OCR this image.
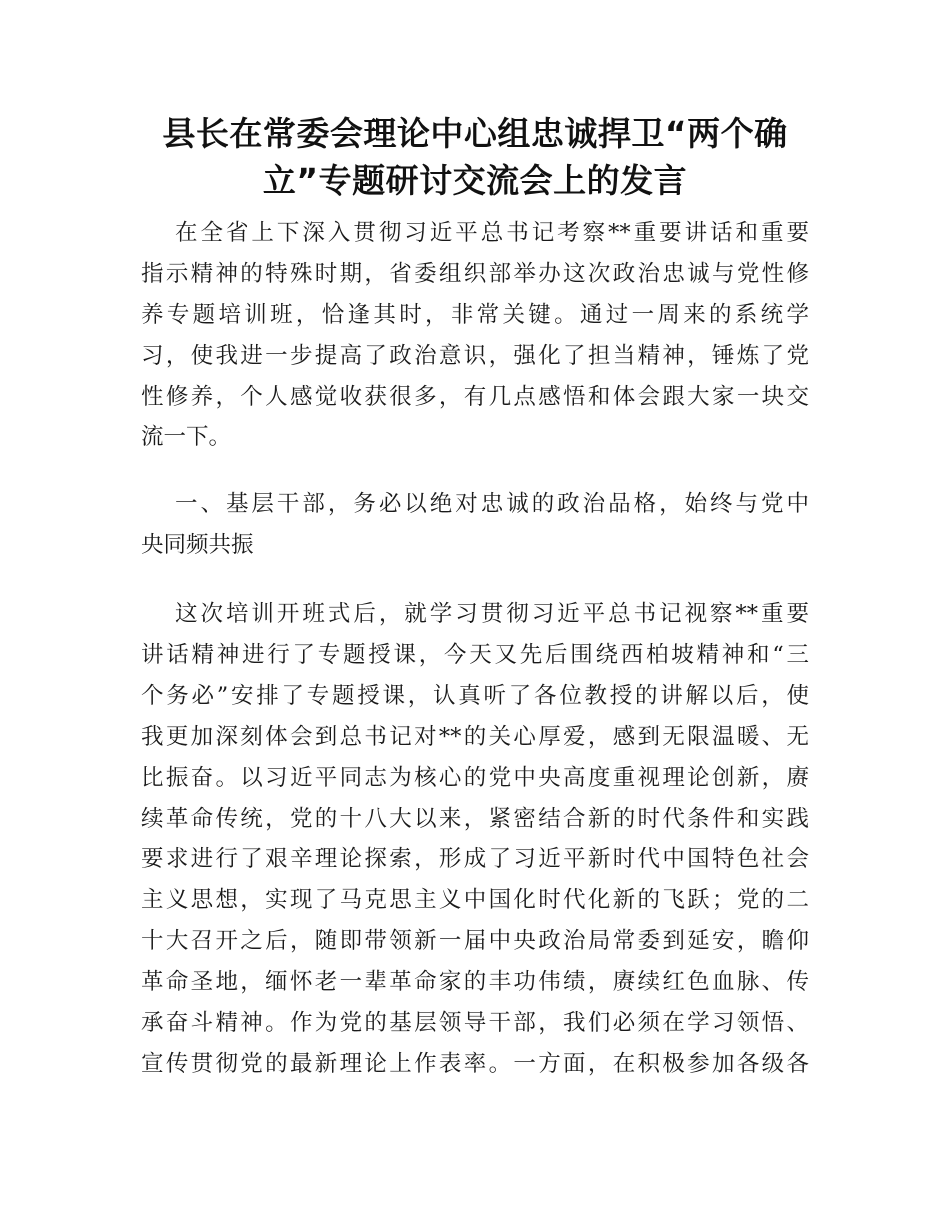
县长在常委会理论中心组忠诚捍卫“两个确
立”专题研讨交流会上的发言
在全省上下深入贯彻习近平总书记考察**重要讲话和重要
指示精神的特殊时期，省委组织部举办这次政治忠诚与党性修
养专题培训班，恰逢其时，非常关键。通过一周来的系统学
习，使我进一步提高了政治意识，强化了担当精神，锤炼了党
性修养，个人感觉收获很多，有几点感悟和体会跟大家一块交
流一下。
一、基层干部，务必以绝对忠诚的政治品格，始终与党中
央同频共振
这次培训开班式后，就学习贯彻习近平总书记视察**重要
讲话精神进行了专题授课，今天又先后围绕西柏坡精神和“三
个务必”安排了专题授课，认真听了各位教授的讲解以后，使
我更加深刻体会到总书记对**的关心厚爱，感到无限温暖、无
比振奋。以习近平同志为核心的党中央高度重视理论创新，赓
续革命传统，党的十八大以来，紧密结合新的时代条件和实践
要求进行了艰辛理论探索，形成了习近平新时代中国特色社会
主义思想，实现了马克思主义中国化时代化新的飞跃；党的二
十大召开之后，随即带领新一届中央政治局常委到延安，瞻仰
革命圣地，缅怀老一辈革命家的丰功伟绩，赓续红色血脉、传
承奋斗精神。作为党的基层领导干部，我们必须在学习领悟、
宣传贯彻党的最新理论上作表率。一方面，在积极参加各级各
